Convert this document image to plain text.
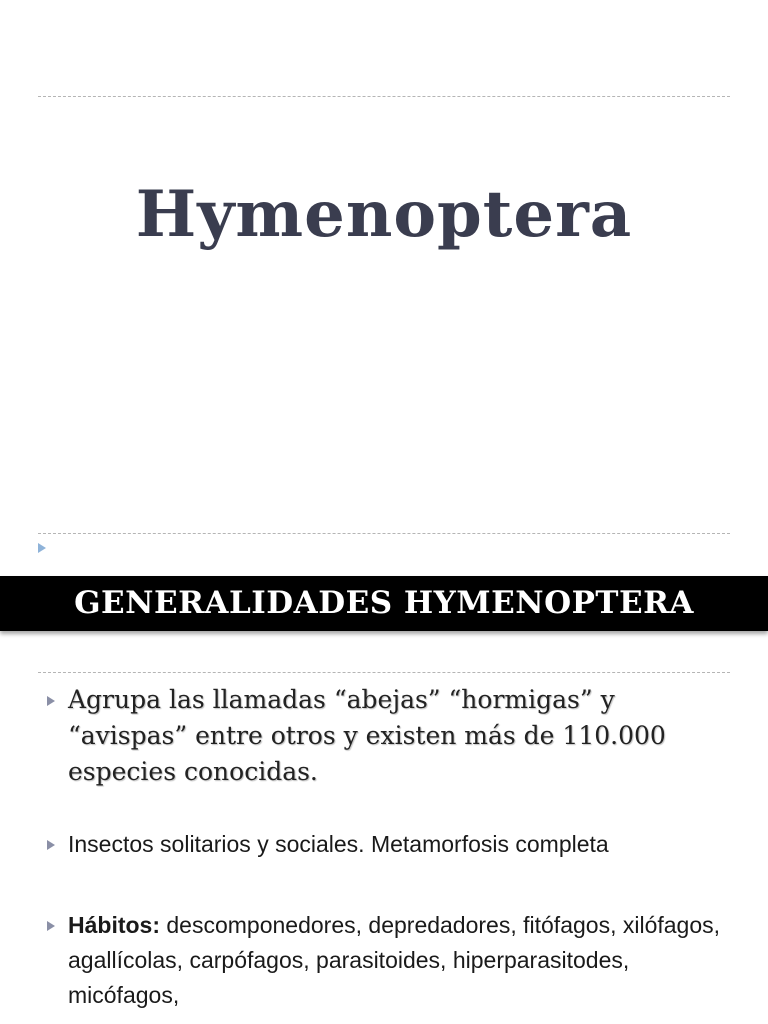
Hymenoptera
GENERALIDADES HYMENOPTERA

Agrupa las llamadas “abejas” “hormigas” y “avispas” entre otros y existen más de 110.000 especies conocidas.

Insectos solitarios y sociales. Metamorfosis completa

Hábitos: descomponedores, depredadores, fitófagos, xilófagos, agallícolas, carpófagos, parasitoides, hiperparasitodes, micófagos,
